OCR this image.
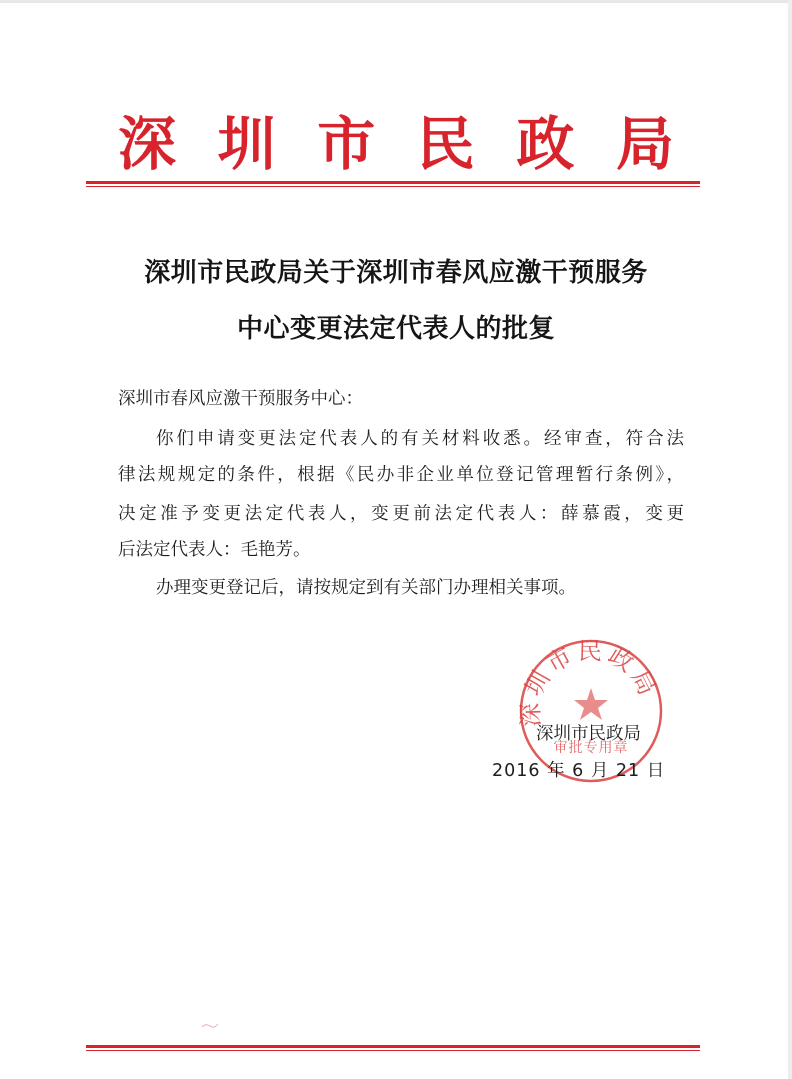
深 圳 市 民 政 局
深圳市民政局关于深圳市春风应激干预服务
中心变更法定代表人的批复
深圳市春风应激干预服务中心：
你们申请变更法定代表人的有关材料收悉。经审查，符合法
律法规规定的条件，根据《民办非企业单位登记管理暂行条例》，
决定准予变更法定代表人，变更前法定代表人：薛慕霞，变更
后法定代表人：毛艳芳。
办理变更登记后，请按规定到有关部门办理相关事项。
深圳市民政局
审批专用章
深圳市民政局
2016 年 6 月 21 日
